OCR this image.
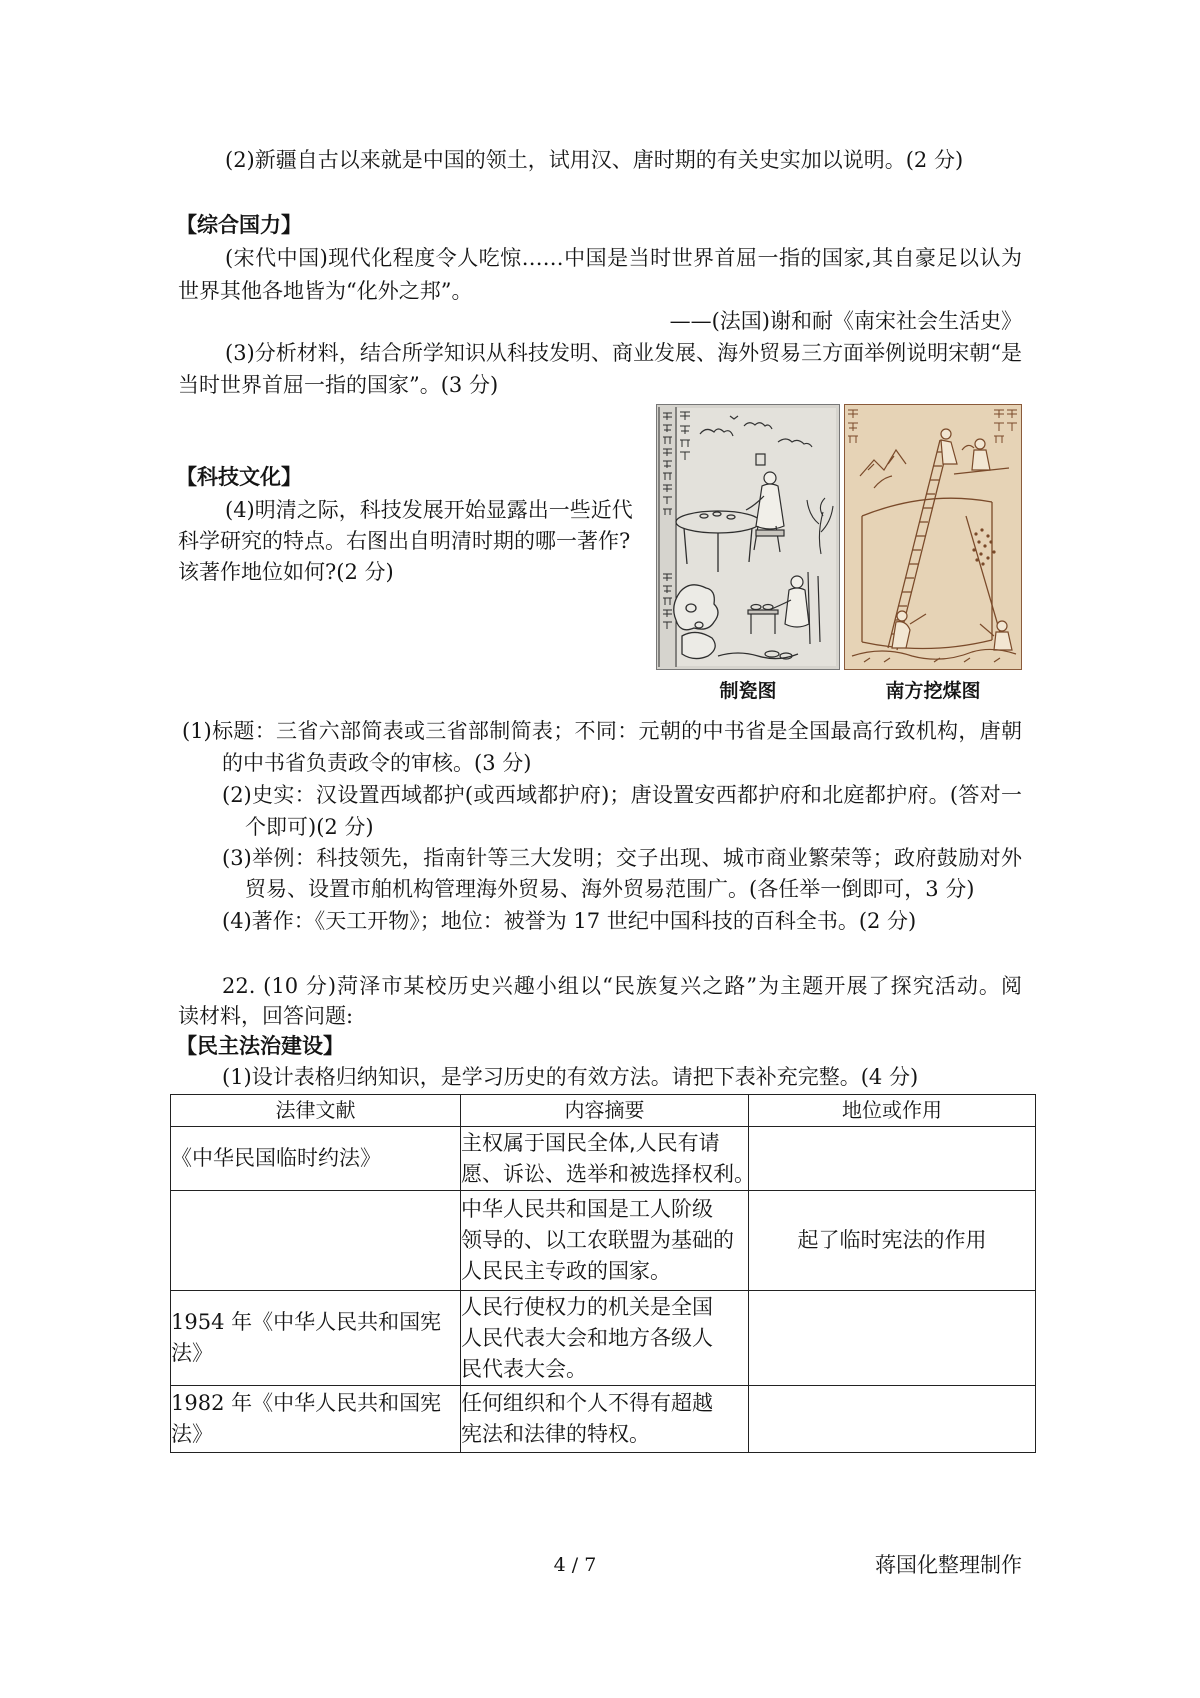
(2)新疆自古以来就是中国的领土，试用汉、唐时期的有关史实加以说明。(2 分)
【综合国力】
(宋代中国)现代化程度令人吃惊……中国是当时世界首屈一指的国家,其自豪足以认为
世界其他各地皆为“化外之邦”。
——(法国)谢和耐《南宋社会生活史》
(3)分析材料，结合所学知识从科技发明、商业发展、海外贸易三方面举例说明宋朝“是
当时世界首屈一指的国家”。(3 分)
【科技文化】
(4)明清之际，科技发展开始显露出一些近代
科学研究的特点。右图出自明清时期的哪一著作?
该著作地位如何?(2 分)
制瓷图	南方挖煤图
(1)标题：三省六部简表或三省部制简表；不同：元朝的中书省是全国最高行致机构，唐朝
的中书省负责政令的审核。(3 分)
(2)史实：汉设置西域都护(或西域都护府)；唐设置安西都护府和北庭都护府。(答对一
个即可)(2 分)
(3)举例：科技领先，指南针等三大发明；交子出现、城市商业繁荣等；政府鼓励对外
贸易、设置市舶机构管理海外贸易、海外贸易范围广。(各任举一倒即可，3 分)
(4)著作：《天工开物》；地位：被誉为 17 世纪中国科技的百科全书。(2 分)
22. (10 分)菏泽市某校历史兴趣小组以“民族复兴之路”为主题开展了探究活动。阅
读材料，回答问题:
【民主法治建设】
(1)设计表格归纳知识，是学习历史的有效方法。请把下表补充完整。(4 分)
法律文献	内容摘要	地位或作用

《中华民国临时约法》	主权属于国民全体,人民有请
愿、诉讼、选举和被选择权利。	

	中华人民共和国是工人阶级
领导的、以工农联盟为基础的
人民民主专政的国家。	起了临时宪法的作用

1954 年《中华人民共和国宪
法》	人民行使权力的机关是全国
人民代表大会和地方各级人
民代表大会。	

1982 年《中华人民共和国宪
法》	任何组织和个人不得有超越
宪法和法律的特权。	

4 / 7	蒋国化整理制作
